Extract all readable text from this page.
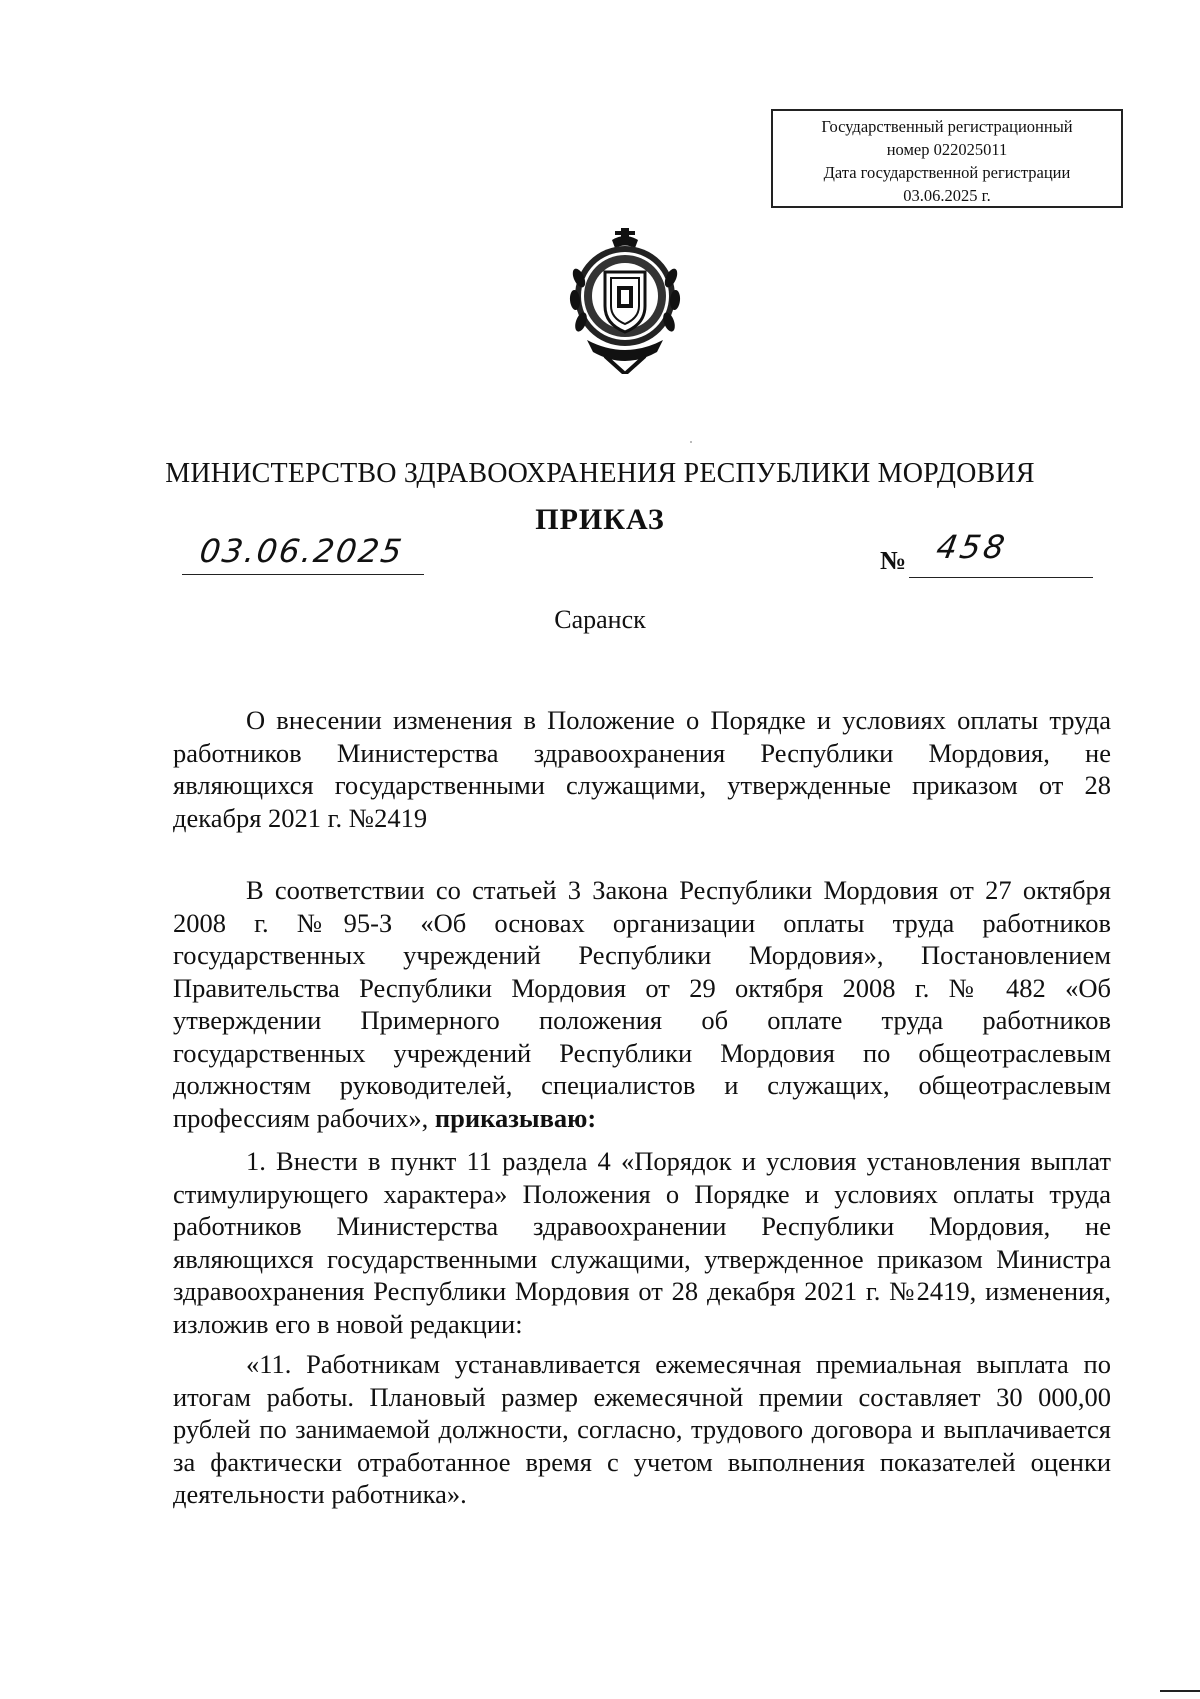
Государственный регистрационный
номер 022025011
Дата государственной регистрации
03.06.2025 г.
МИНИСТЕРСТВО ЗДРАВООХРАНЕНИЯ РЕСПУБЛИКИ МОРДОВИЯ
ПРИКАЗ
03.06.2025	№ 458
Саранск

О внесении изменения в Положение о Порядке и условиях оплаты труда работников Министерства здравоохранения Республики Мордовия, не являющихся государственными служащими, утвержденные приказом от 28 декабря 2021 г. №2419

В соответствии со статьей 3 Закона Республики Мордовия от 27 октября 2008 г. №95-З «Об основах организации оплаты труда работников государственных учреждений Республики Мордовия», Постановлением Правительства Республики Мордовия от 29 октября 2008 г. № 482 «Об утверждении Примерного положения об оплате труда работников государственных учреждений Республики Мордовия по общеотраслевым должностям руководителей, специалистов и служащих, общеотраслевым профессиям рабочих», приказываю:

1. Внести в пункт 11 раздела 4 «Порядок и условия установления выплат стимулирующего характера» Положения о Порядке и условиях оплаты труда работников Министерства здравоохранении Республики Мордовия, не являющихся государственными служащими, утвержденное приказом Министра здравоохранения Республики Мордовия от 28 декабря 2021 г. №2419, изменения, изложив его в новой редакции:

«11. Работникам устанавливается ежемесячная премиальная выплата по итогам работы. Плановый размер ежемесячной премии составляет 30 000,00 рублей по занимаемой должности, согласно, трудового договора и выплачивается за фактически отработанное время с учетом выполнения показателей оценки деятельности работника».
